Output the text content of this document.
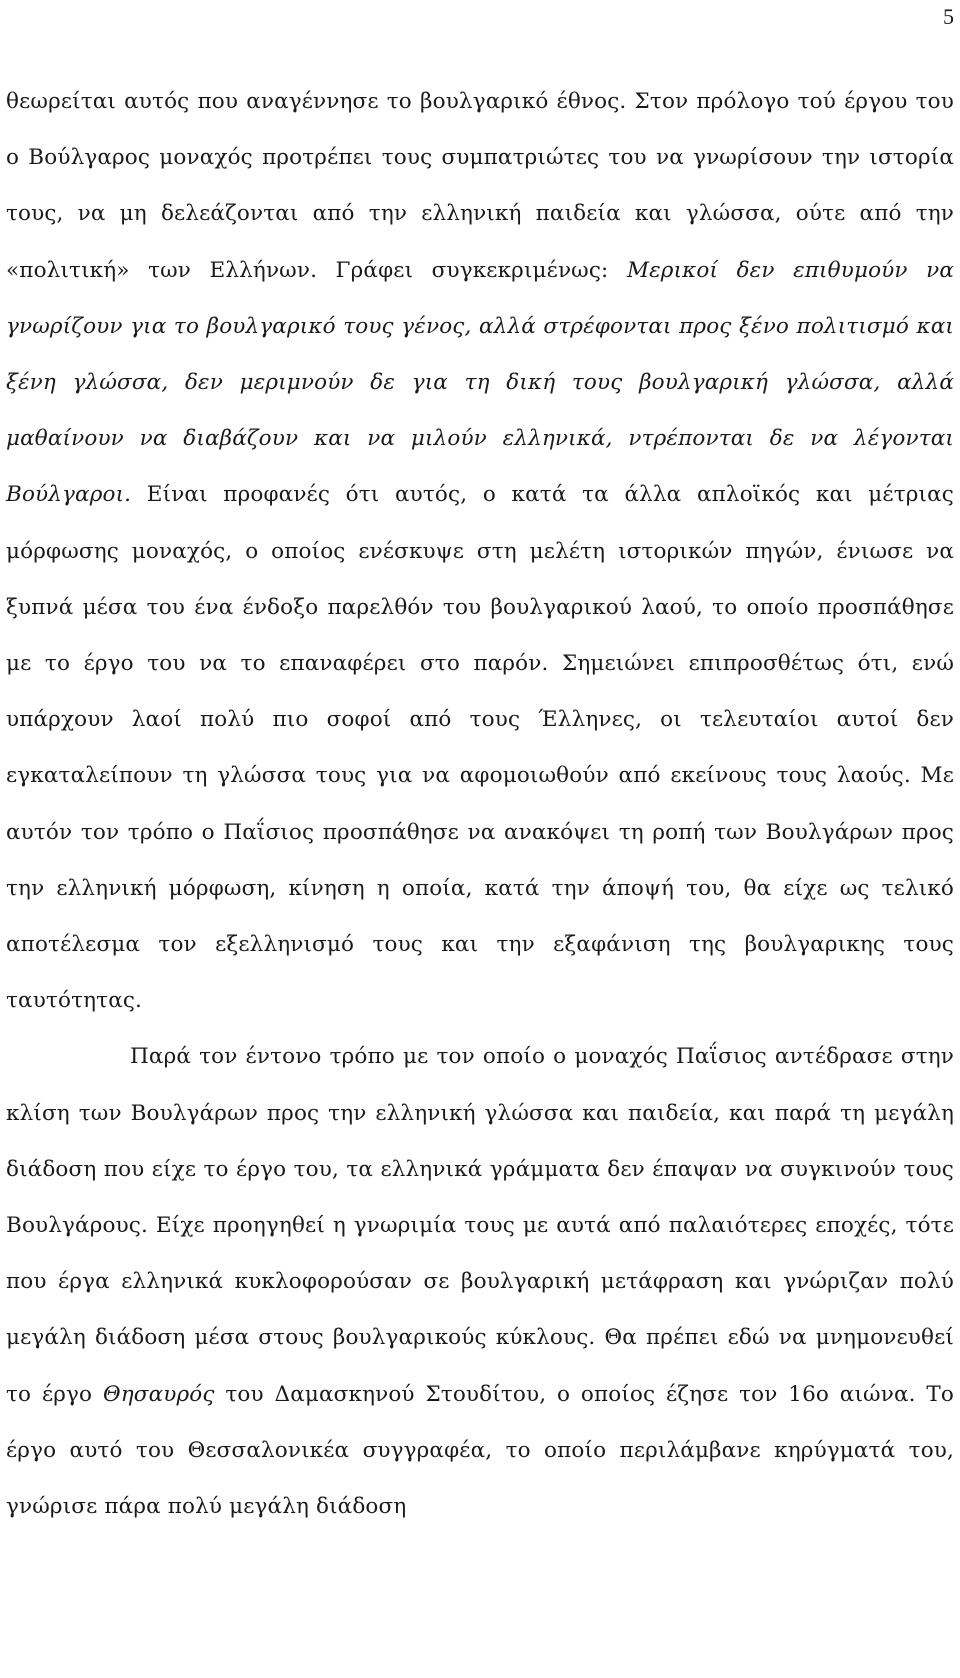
5

θεωρείται αυτός που αναγέννησε το βουλγαρικό έθνος. Στον πρόλογο τού έργου του ο Βούλγαρος μοναχός προτρέπει τους συμπατριώτες του να γνωρίσουν την ιστορία τους, να μη δελεάζονται από την ελληνική παιδεία και γλώσσα, ούτε από την «πολιτική» των Ελλήνων. Γράφει συγκεκριμένως: Μερικοί δεν επιθυμούν να γνωρίζουν για το βουλγαρικό τους γένος, αλλά στρέφονται προς ξένο πολιτισμό και ξένη γλώσσα, δεν μεριμνούν δε για τη δική τους βουλγαρική γλώσσα, αλλά μαθαίνουν να διαβάζουν και να μιλούν ελληνικά, ντρέπονται δε να λέγονται Βούλγαροι. Είναι προφανές ότι αυτός, ο κατά τα άλλα απλοϊκός και μέτριας μόρφωσης μοναχός, ο οποίος ενέσκυψε στη μελέτη ιστορικών πηγών, ένιωσε να ξυπνά μέσα του ένα ένδοξο παρελθόν του βουλγαρικού λαού, το οποίο προσπάθησε με το έργο του να το επαναφέρει στο παρόν. Σημειώνει επιπροσθέτως ότι, ενώ υπάρχουν λαοί πολύ πιο σοφοί από τους Έλληνες, οι τελευταίοι αυτοί δεν εγκαταλείπουν τη γλώσσα τους για να αφομοιωθούν από εκείνους τους λαούς. Με αυτόν τον τρόπο ο Παΐσιος προσπάθησε να ανακόψει τη ροπή των Βουλγάρων προς την ελληνική μόρφωση, κίνηση η οποία, κατά την άποψή του, θα είχε ως τελικό αποτέλεσμα τον εξελληνισμό τους και την εξαφάνιση της βουλγαρικης τους ταυτότητας.

Παρά τον έντονο τρόπο με τον οποίο ο μοναχός Παΐσιος αντέδρασε στην κλίση των Βουλγάρων προς την ελληνική γλώσσα και παιδεία, και παρά τη μεγάλη διάδοση που είχε το έργο του, τα ελληνικά γράμματα δεν έπαψαν να συγκινούν τους Βουλγάρους. Είχε προηγηθεί η γνωριμία τους με αυτά από παλαιότερες εποχές, τότε που έργα ελληνικά κυκλοφορούσαν σε βουλγαρική μετάφραση και γνώριζαν πολύ μεγάλη διάδοση μέσα στους βουλγαρικούς κύκλους. Θα πρέπει εδώ να μνημονευθεί το έργο Θησαυρός του Δαμασκηνού Στουδίτου, ο οποίος έζησε τον 16ο αιώνα. Το έργο αυτό του Θεσσαλονικέα συγγραφέα, το οποίο περιλάμβανε κηρύγματά του, γνώρισε πάρα πολύ μεγάλη διάδοση
